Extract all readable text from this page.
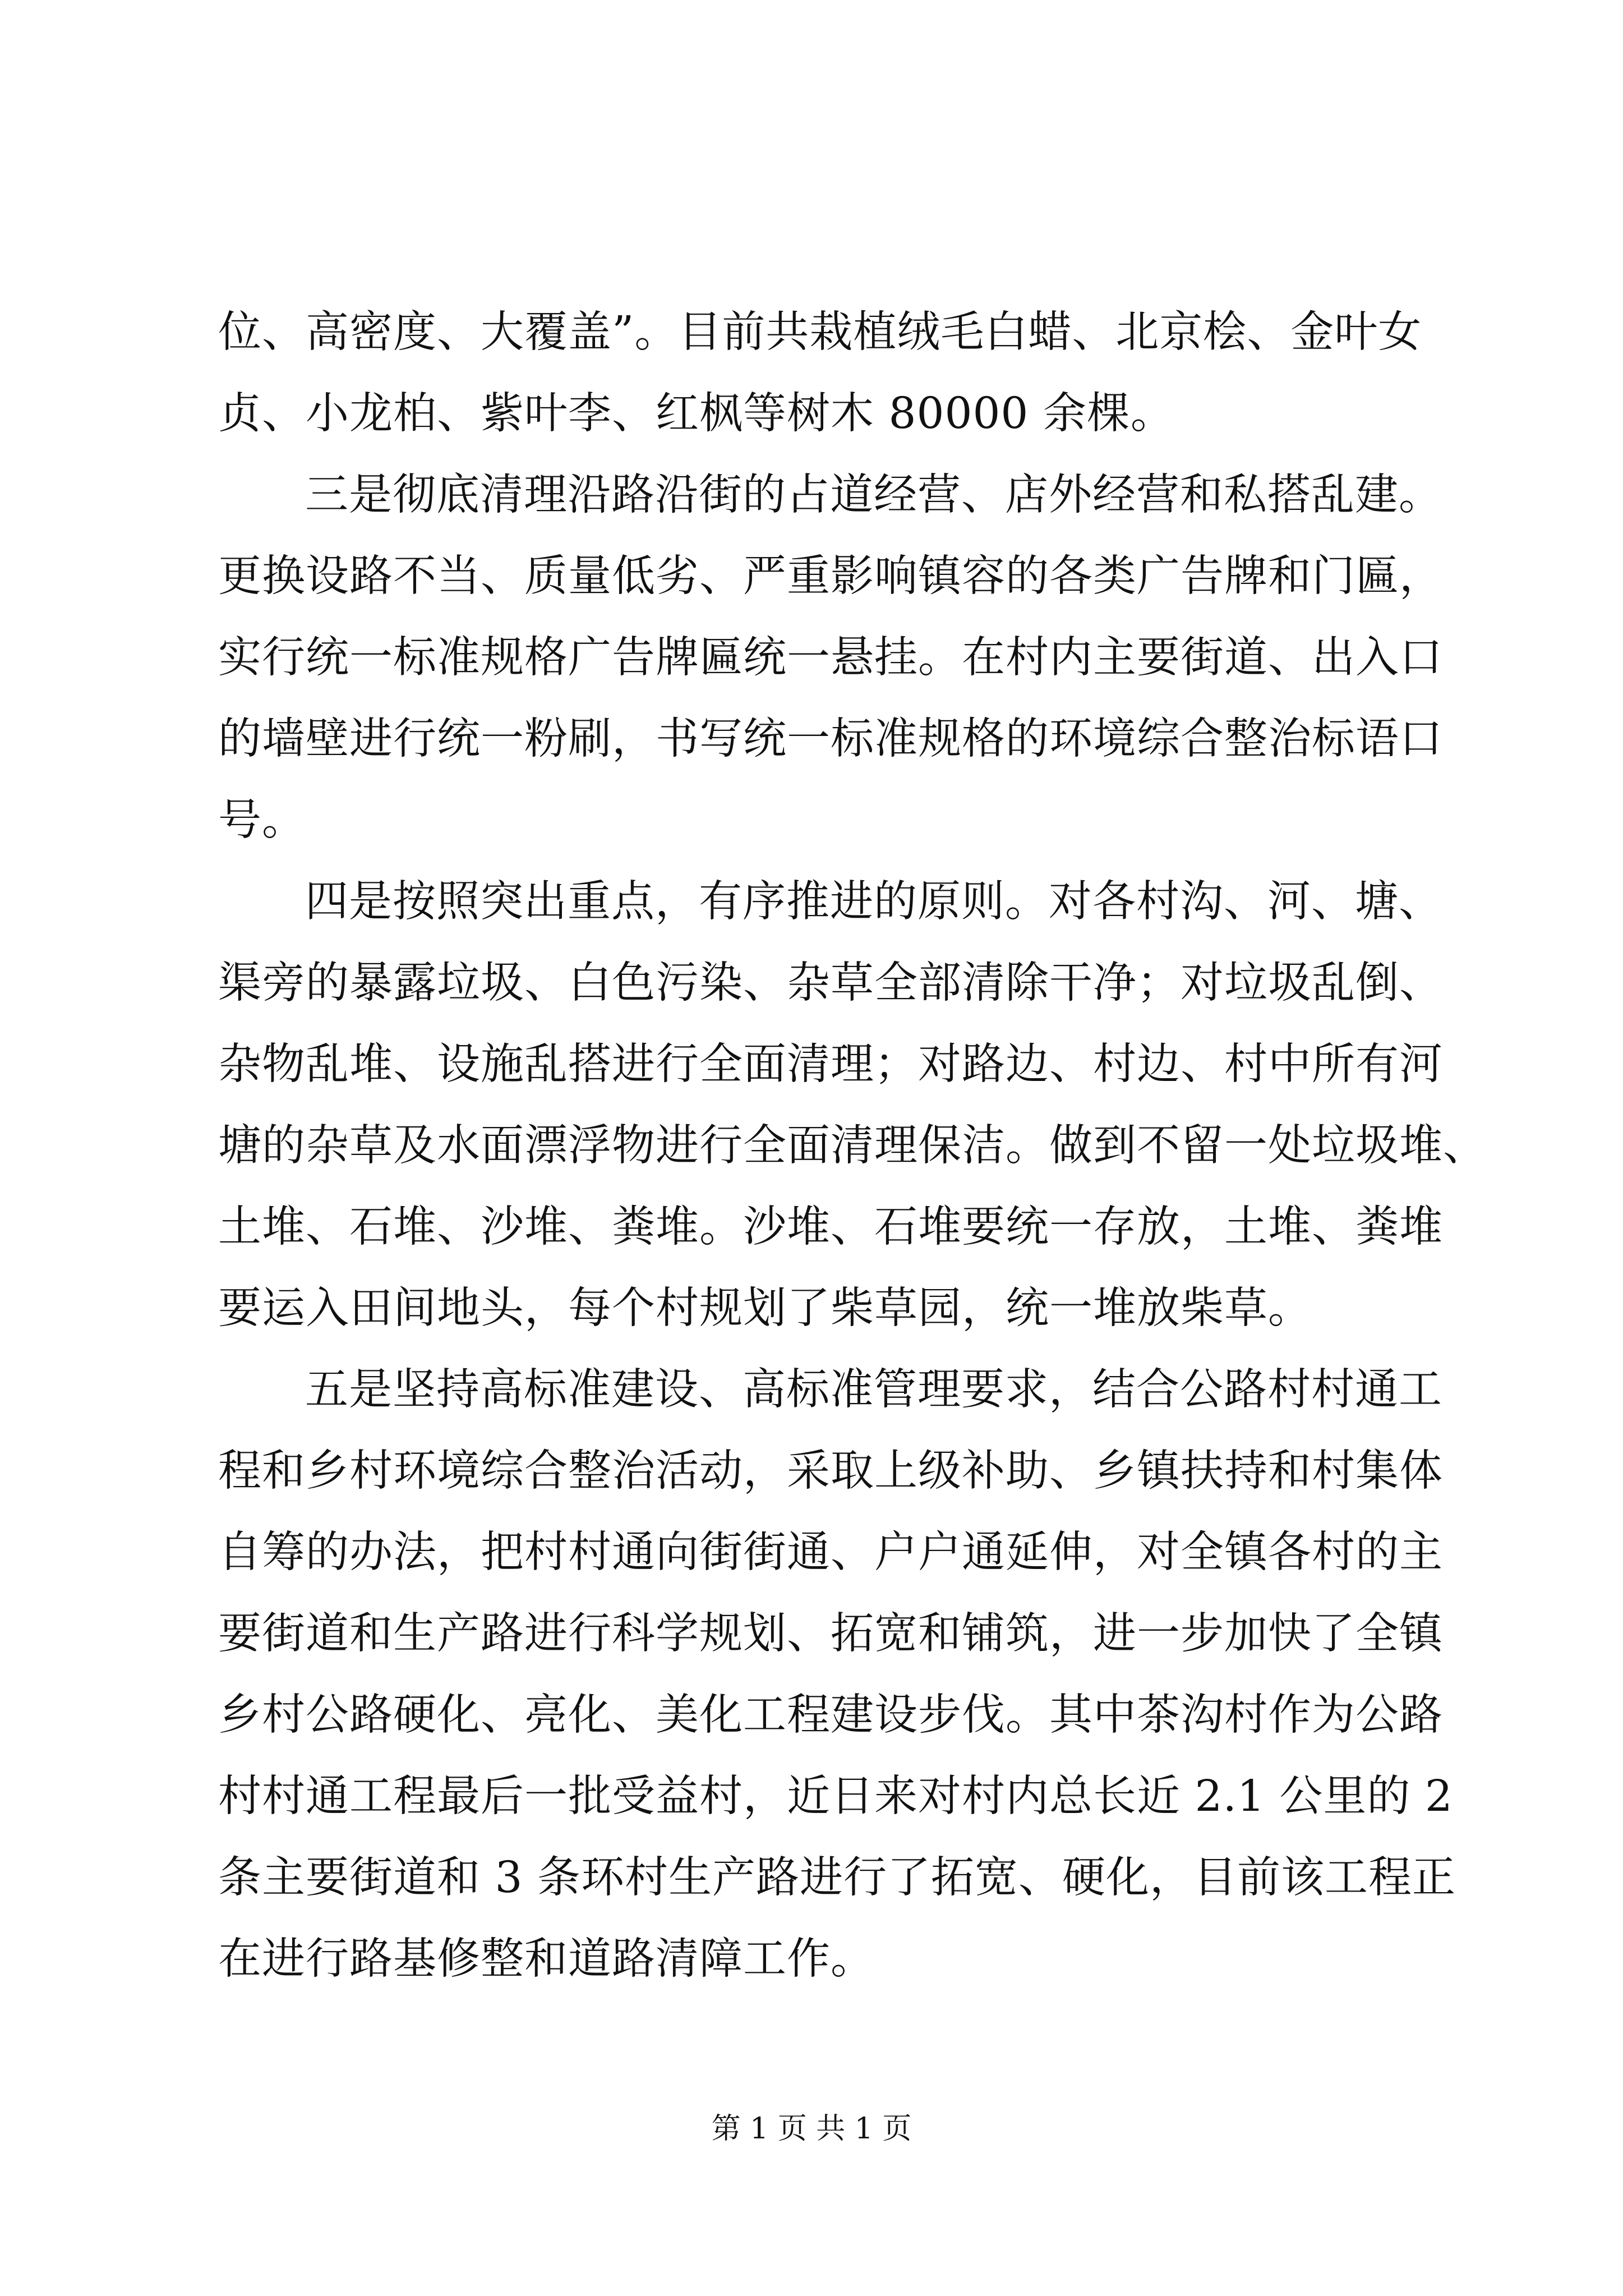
位、高密度、大覆盖”。目前共栽植绒毛白蜡、北京桧、金叶女
贞、小龙柏、紫叶李、红枫等树木 80000 余棵。
三是彻底清理沿路沿街的占道经营、店外经营和私搭乱建。
更换设路不当、质量低劣、严重影响镇容的各类广告牌和门匾，
实行统一标准规格广告牌匾统一悬挂。在村内主要街道、出入口
的墙壁进行统一粉刷，书写统一标准规格的环境综合整治标语口
号。
四是按照突出重点，有序推进的原则。对各村沟、河、塘、
渠旁的暴露垃圾、白色污染、杂草全部清除干净；对垃圾乱倒、
杂物乱堆、设施乱搭进行全面清理；对路边、村边、村中所有河
塘的杂草及水面漂浮物进行全面清理保洁。做到不留一处垃圾堆、
土堆、石堆、沙堆、粪堆。沙堆、石堆要统一存放，土堆、粪堆
要运入田间地头，每个村规划了柴草园，统一堆放柴草。
五是坚持高标准建设、高标准管理要求，结合公路村村通工
程和乡村环境综合整治活动，采取上级补助、乡镇扶持和村集体
自筹的办法，把村村通向街街通、户户通延伸，对全镇各村的主
要街道和生产路进行科学规划、拓宽和铺筑，进一步加快了全镇
乡村公路硬化、亮化、美化工程建设步伐。其中茶沟村作为公路
村村通工程最后一批受益村，近日来对村内总长近 2.1 公里的 2
条主要街道和 3 条环村生产路进行了拓宽、硬化，目前该工程正
在进行路基修整和道路清障工作。
第 1 页 共 1 页
